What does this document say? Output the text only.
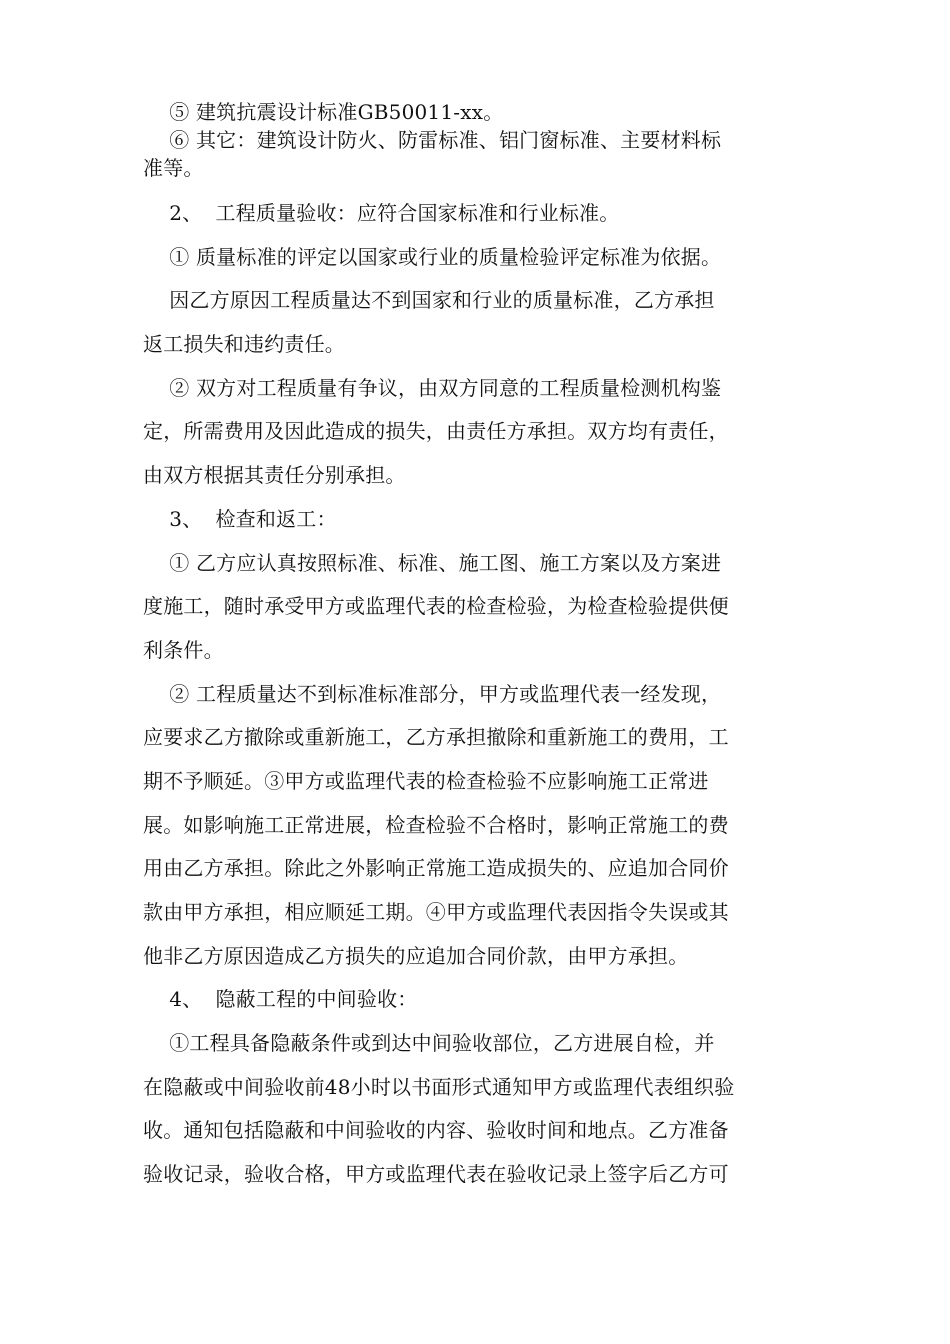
⑤ 建筑抗震设计标准GB50011-xx。
⑥ 其它：建筑设计防火、防雷标准、铝门窗标准、主要材料标
准等。
2、  工程质量验收：应符合国家标准和行业标准。
① 质量标准的评定以国家或行业的质量检验评定标准为依据。
因乙方原因工程质量达不到国家和行业的质量标准，乙方承担
返工损失和违约责任。
② 双方对工程质量有争议，由双方同意的工程质量检测机构鉴
定，所需费用及因此造成的损失，由责任方承担。双方均有责任，
由双方根据其责任分别承担。
3、  检查和返工：
① 乙方应认真按照标准、标准、施工图、施工方案以及方案进
度施工，随时承受甲方或监理代表的检查检验，为检查检验提供便
利条件。
② 工程质量达不到标准标准部分，甲方或监理代表一经发现，
应要求乙方撤除或重新施工，乙方承担撤除和重新施工的费用，工
期不予顺延。③甲方或监理代表的检查检验不应影响施工正常进
展。如影响施工正常进展，检查检验不合格时，影响正常施工的费
用由乙方承担。除此之外影响正常施工造成损失的、应追加合同价
款由甲方承担，相应顺延工期。④甲方或监理代表因指令失误或其
他非乙方原因造成乙方损失的应追加合同价款，由甲方承担。
4、  隐蔽工程的中间验收：
①工程具备隐蔽条件或到达中间验收部位，乙方进展自检，并
在隐蔽或中间验收前48小时以书面形式通知甲方或监理代表组织验
收。通知包括隐蔽和中间验收的内容、验收时间和地点。乙方准备
验收记录，验收合格，甲方或监理代表在验收记录上签字后乙方可
